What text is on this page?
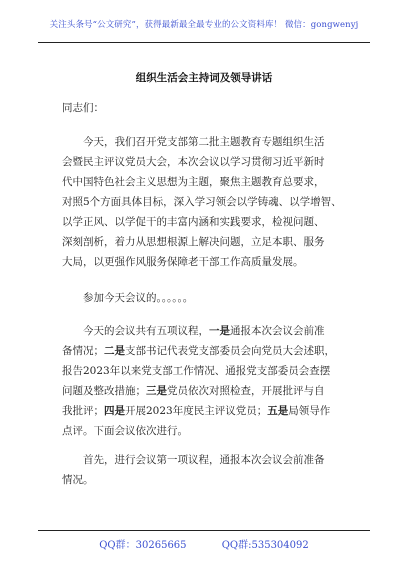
关注头条号“公文研究”，获得最新最全最专业的公文资料库！ 微信：gongwenyj
组织生活会主持词及领导讲话
同志们：
今天，我们召开党支部第二批主题教育专题组织生活
会暨民主评议党员大会，本次会议以学习贯彻习近平新时
代中国特色社会主义思想为主题，聚焦主题教育总要求，
对照5个方面具体目标，深入学习领会以学铸魂、以学增智、
以学正风、以学促干的丰富内涵和实践要求，检视问题、
深刻剖析，着力从思想根源上解决问题，立足本职、服务
大局，以更强作风服务保障老干部工作高质量发展。
参加今天会议的。。。。。。
今天的会议共有五项议程，一是通报本次会议会前准
备情况；二是支部书记代表党支部委员会向党员大会述职，
报告2023年以来党支部工作情况、通报党支部委员会查摆
问题及整改措施；三是党员依次对照检查，开展批评与自
我批评；四是开展2023年度民主评议党员；五是局领导作
点评。下面会议依次进行。
首先，进行会议第一项议程，通报本次会议会前准备
情况。
QQ群：30265665	QQ群:535304092
